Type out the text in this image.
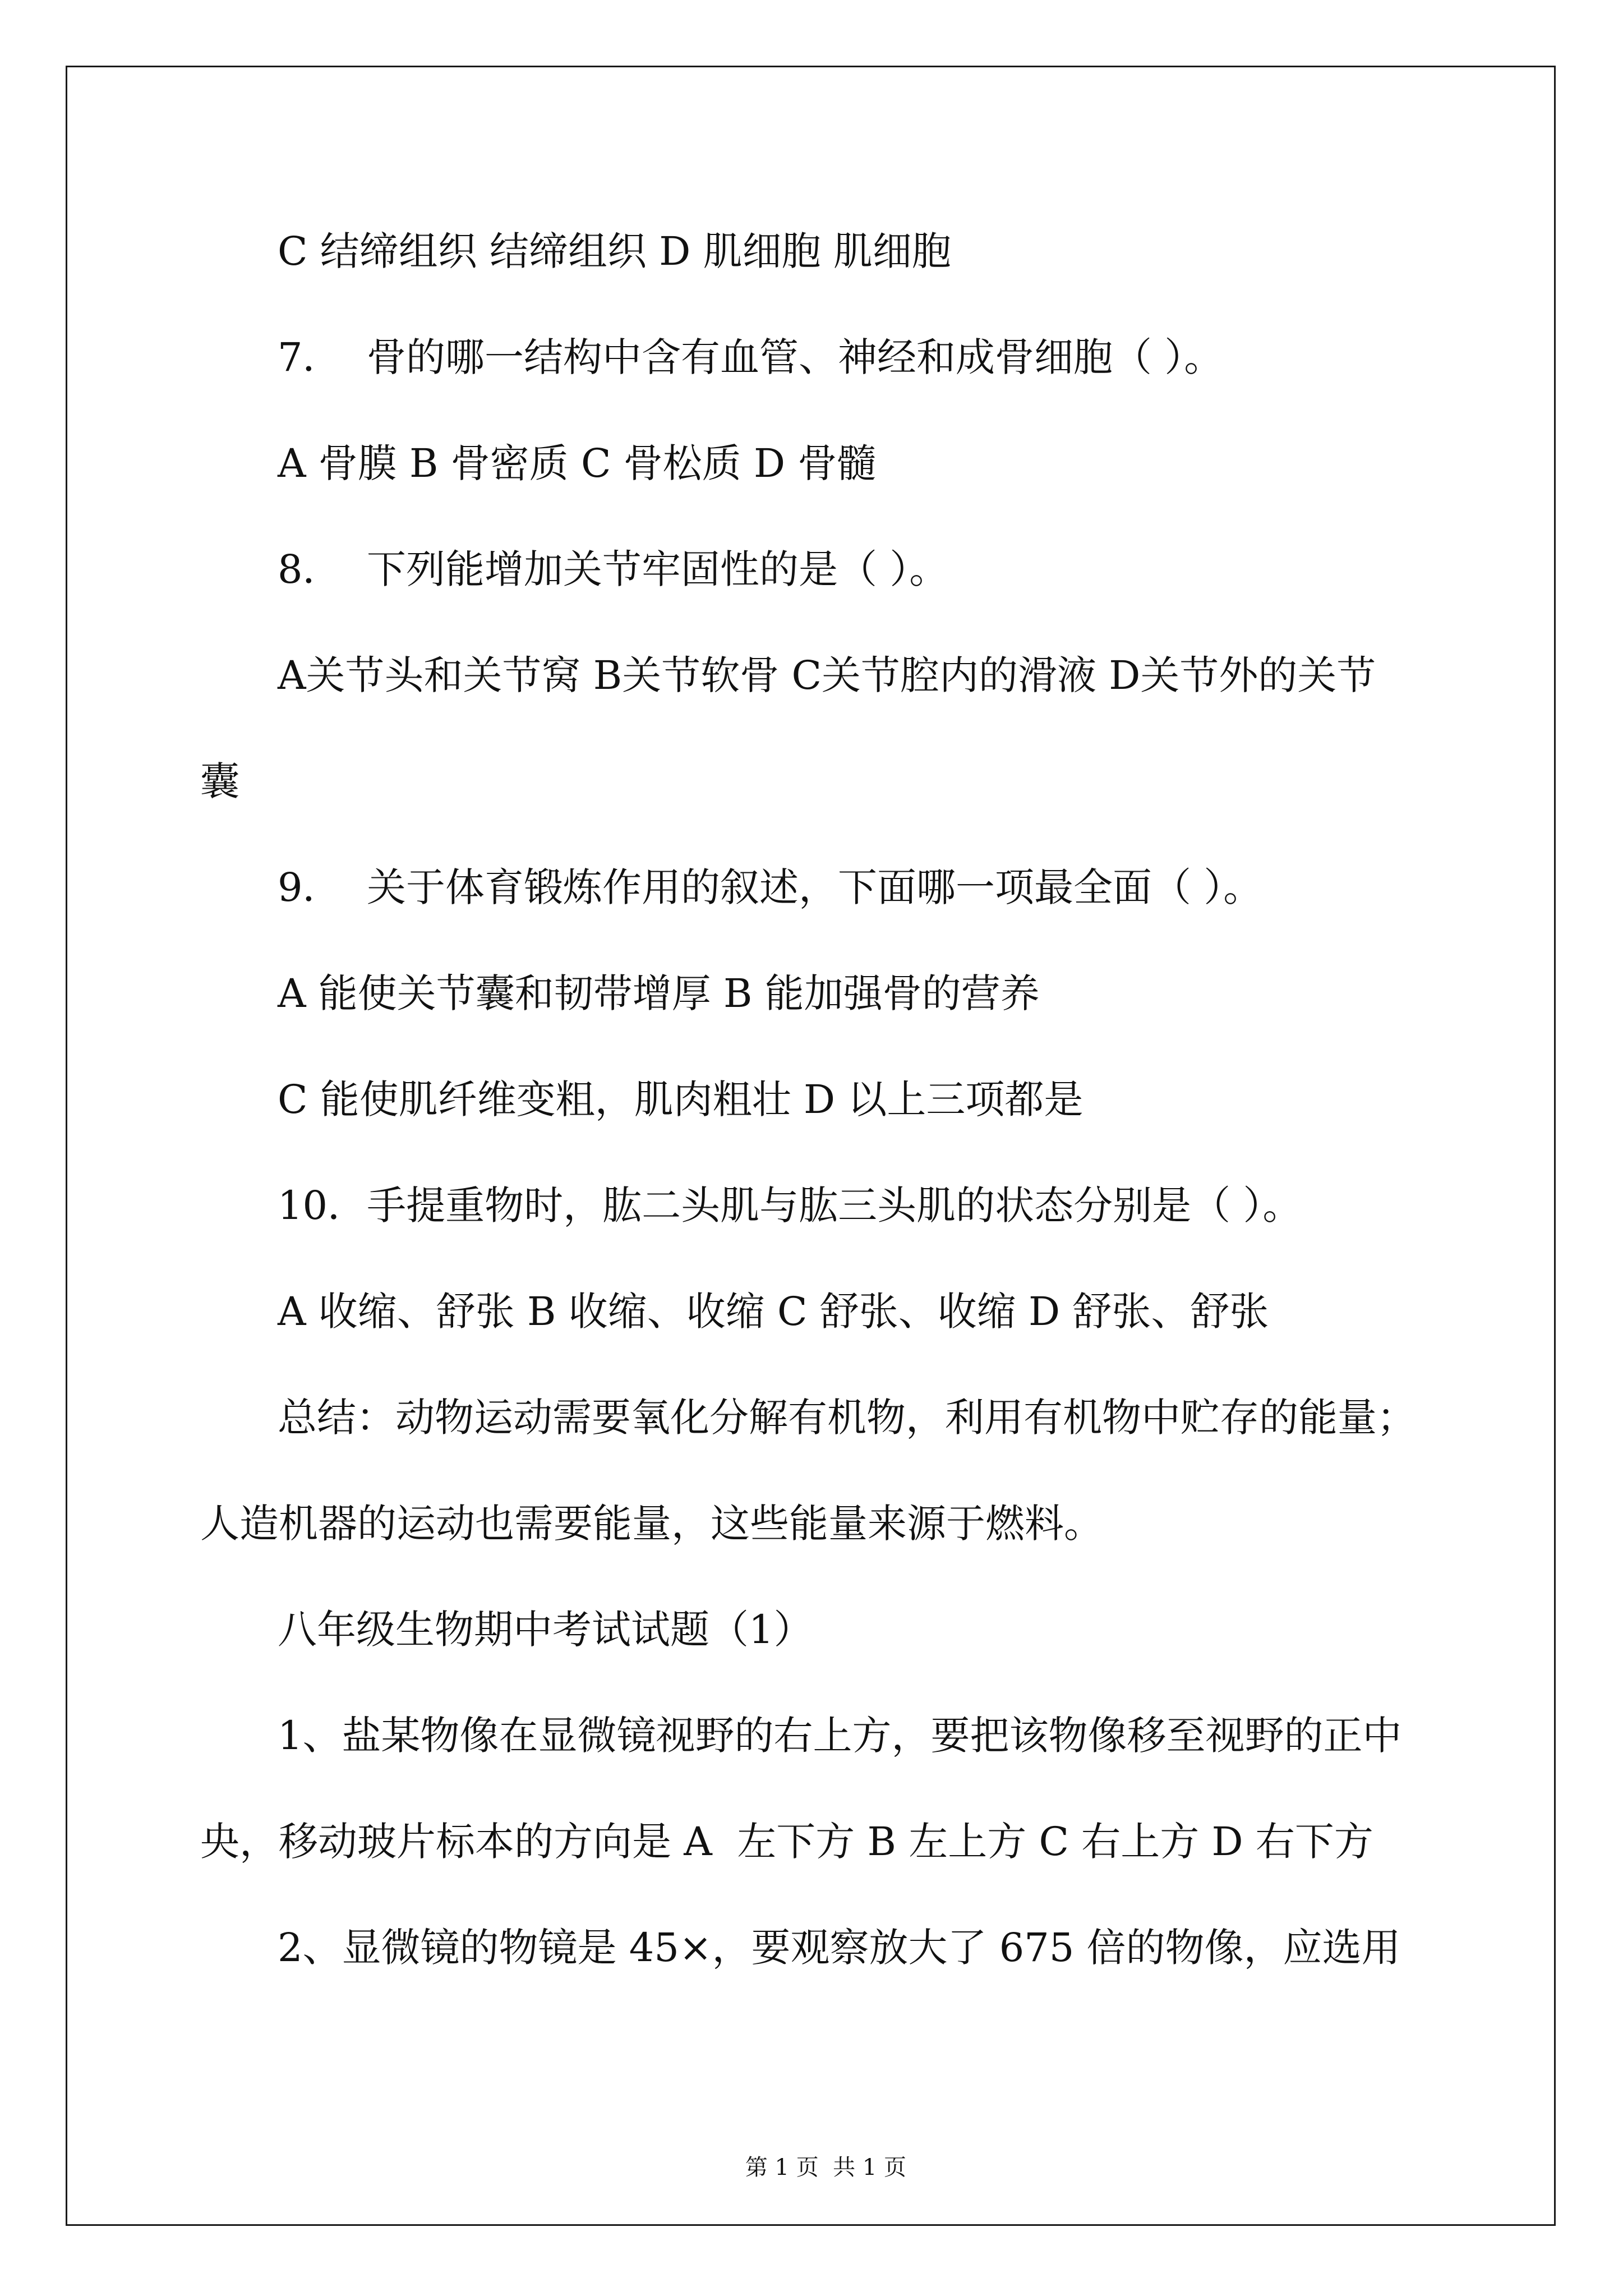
C 结缔组织 结缔组织 D 肌细胞 肌细胞
7．  骨的哪一结构中含有血管、神经和成骨细胞（ ）。
A 骨膜 B 骨密质 C 骨松质 D 骨髓
8．  下列能增加关节牢固性的是（ ）。
A关节头和关节窝 B关节软骨 C关节腔内的滑液 D关节外的关节
囊
9．  关于体育锻炼作用的叙述，下面哪一项最全面（ ）。
A 能使关节囊和韧带增厚 B 能加强骨的营养
C 能使肌纤维变粗，肌肉粗壮 D 以上三项都是
10．手提重物时，肱二头肌与肱三头肌的状态分别是（ ）。
A 收缩、舒张 B 收缩、收缩 C 舒张、收缩 D 舒张、舒张
总结：动物运动需要氧化分解有机物，利用有机物中贮存的能量；
人造机器的运动也需要能量，这些能量来源于燃料。
八年级生物期中考试试题（1）
1、盐某物像在显微镜视野的右上方，要把该物像移至视野的正中
央，移动玻片标本的方向是 A  左下方 B 左上方 C 右上方 D 右下方
2、显微镜的物镜是 45×，要观察放大了 675 倍的物像，应选用

第 1 页  共 1 页
